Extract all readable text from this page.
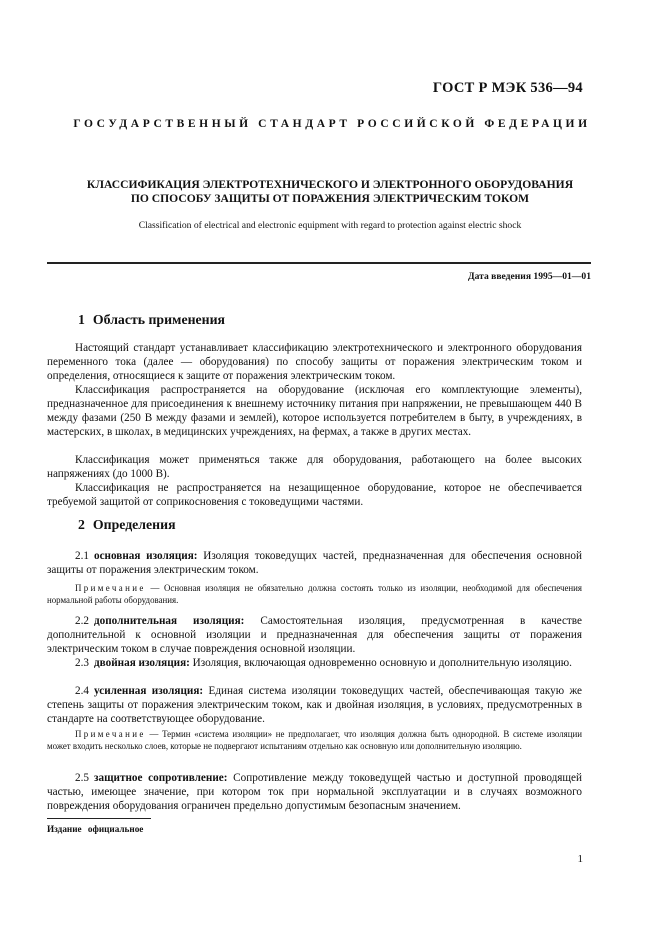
ГОСТ Р МЭК 536—94
ГОСУДАРСТВЕННЫЙ СТАНДАРТ РОССИЙСКОЙ ФЕДЕРАЦИИ
КЛАССИФИКАЦИЯ ЭЛЕКТРОТЕХНИЧЕСКОГО И ЭЛЕКТРОННОГО ОБОРУДОВАНИЯ
ПО СПОСОБУ ЗАЩИТЫ ОТ ПОРАЖЕНИЯ ЭЛЕКТРИЧЕСКИМ ТОКОМ
Classification of electrical and electronic equipment with regard to protection against electric shock
Дата введения 1995—01—01
1 Область применения

Настоящий стандарт устанавливает классификацию электротехнического и электронного оборудования переменного тока (далее — оборудования) по способу защиты от поражения электрическим током и определения, относящиеся к защите от поражения электрическим током.

Классификация распространяется на оборудование (исключая его комплектующие элементы), предназначенное для присоединения к внешнему источнику питания при напряжении, не превышающем 440 В между фазами (250 В между фазами и землей), которое используется потребителем в быту, в учреждениях, в мастерских, в школах, в медицинских учреждениях, на фермах, а также в других местах.

Классификация может применяться также для оборудования, работающего на более высоких напряжениях (до 1000 В).

Классификация не распространяется на незащищенное оборудование, которое не обеспечивается требуемой защитой от соприкосновения с токоведущими частями.

2 Определения

2.1 основная изоляция: Изоляция токоведущих частей, предназначенная для обеспечения основной защиты от поражения электрическим током.

Примечание — Основная изоляция не обязательно должна состоять только из изоляции, необходимой для обеспечения нормальной работы оборудования.

2.2 дополнительная изоляция: Самостоятельная изоляция, предусмотренная в качестве дополнительной к основной изоляции и предназначенная для обеспечения защиты от поражения электрическим током в случае повреждения основной изоляции.

2.3 двойная изоляция: Изоляция, включающая одновременно основную и дополнительную изоляцию.

2.4 усиленная изоляция: Единая система изоляции токоведущих частей, обеспечивающая такую же степень защиты от поражения электрическим током, как и двойная изоляция, в условиях, предусмотренных в стандарте на соответствующее оборудование.

Примечание — Термин «система изоляции» не предполагает, что изоляция должна быть однородной. В системе изоляции может входить несколько слоев, которые не подвергают испытаниям отдельно как основную или дополнительную изоляцию.

2.5 защитное сопротивление: Сопротивление между токоведущей частью и доступной проводящей частью, имеющее значение, при котором ток при нормальной эксплуатации и в случаях возможного повреждения оборудования ограничен предельно допустимым безопасным значением.

Издание официальное
1
